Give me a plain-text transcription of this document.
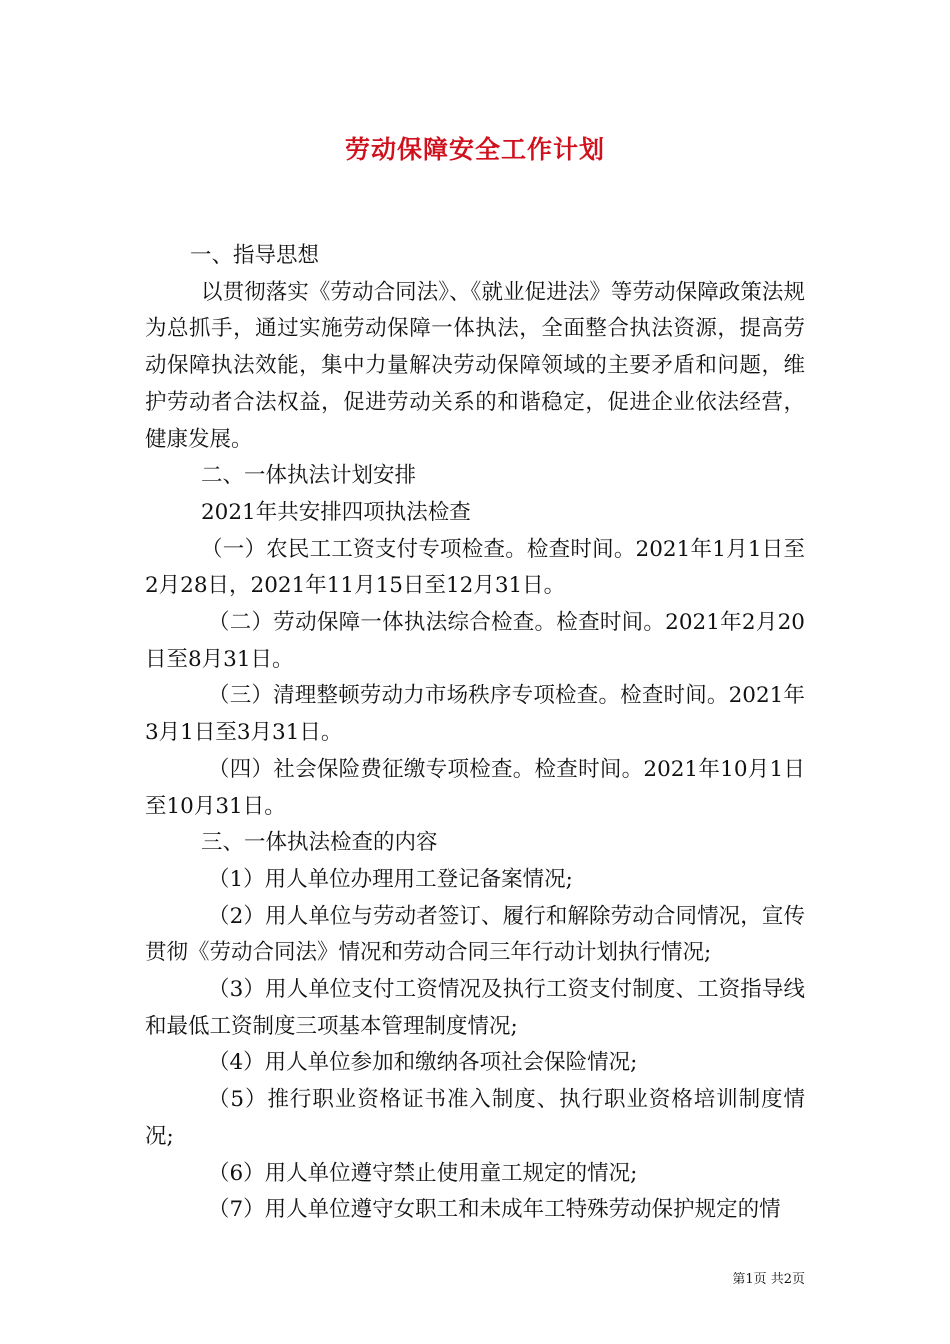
劳动保障安全工作计划

一、指导思想

以贯彻落实《劳动合同法》、《就业促进法》等劳动保障政策法规为总抓手，通过实施劳动保障一体执法，全面整合执法资源，提高劳动保障执法效能，集中力量解决劳动保障领域的主要矛盾和问题，维护劳动者合法权益，促进劳动关系的和谐稳定，促进企业依法经营，健康发展。

二、一体执法计划安排

2021年共安排四项执法检查

（一）农民工工资支付专项检查。检查时间。2021年1月1日至2月28日，2021年11月15日至12月31日。

（二）劳动保障一体执法综合检查。检查时间。2021年2月20日至8月31日。

（三）清理整顿劳动力市场秩序专项检查。检查时间。2021年3月1日至3月31日。

（四）社会保险费征缴专项检查。检查时间。2021年10月1日至10月31日。

三、一体执法检查的内容

（1）用人单位办理用工登记备案情况;

（2）用人单位与劳动者签订、履行和解除劳动合同情况，宣传贯彻《劳动合同法》情况和劳动合同三年行动计划执行情况;

（3）用人单位支付工资情况及执行工资支付制度、工资指导线和最低工资制度三项基本管理制度情况;

（4）用人单位参加和缴纳各项社会保险情况;

（5）推行职业资格证书准入制度、执行职业资格培训制度情况;

（6）用人单位遵守禁止使用童工规定的情况;

（7）用人单位遵守女职工和未成年工特殊劳动保护规定的情

第1页 共2页
